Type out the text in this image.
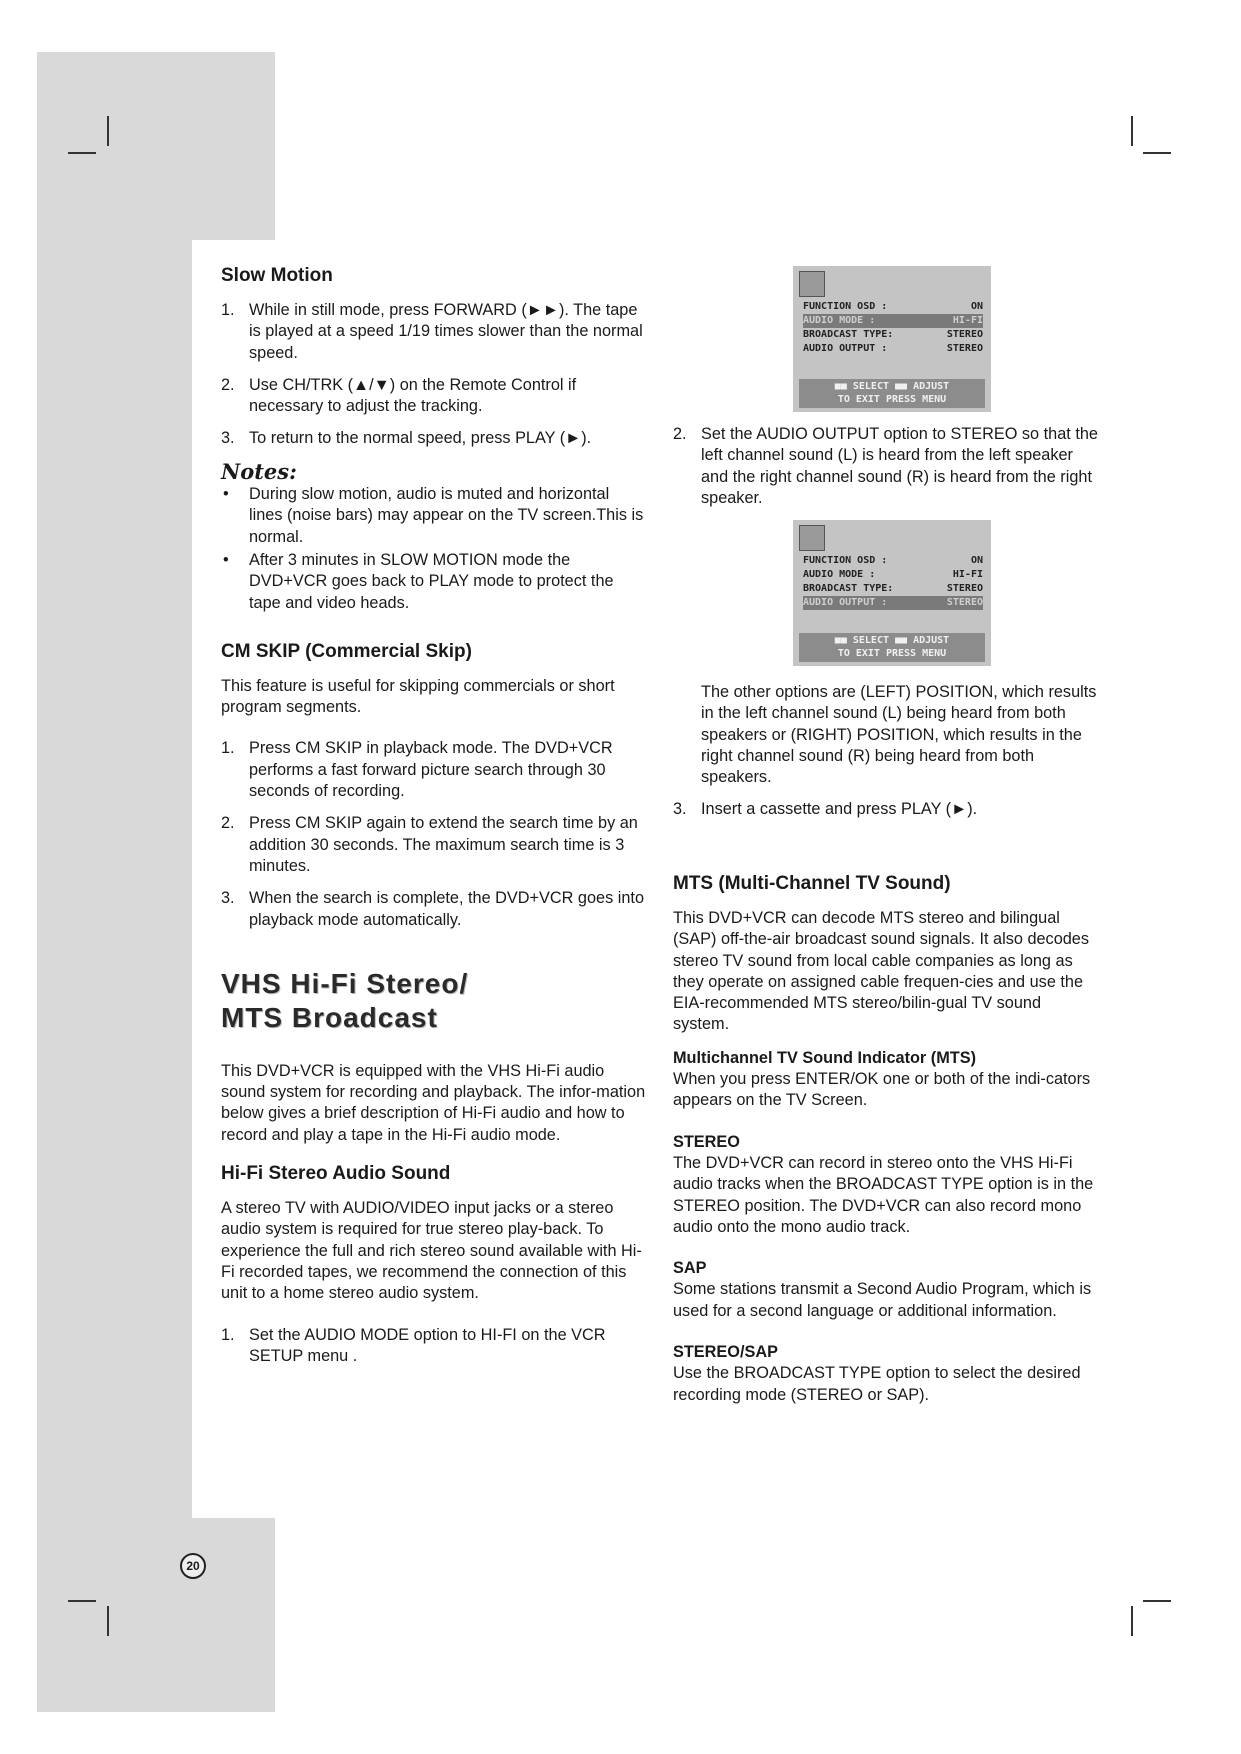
Slow Motion
1. While in still mode, press FORWARD (►►). The tape is played at a speed 1/19 times slower than the normal speed.
2. Use CH/TRK (▲/▼) on the Remote Control if necessary to adjust the tracking.
3. To return to the normal speed, press PLAY (►).
Notes:
• During slow motion, audio is muted and horizontal lines (noise bars) may appear on the TV screen.This is normal.
• After 3 minutes in SLOW MOTION mode the DVD+VCR goes back to PLAY mode to protect the tape and video heads.
CM SKIP (Commercial Skip)

This feature is useful for skipping commercials or short program segments.

1. Press CM SKIP in playback mode. The DVD+VCR performs a fast forward picture search through 30 seconds of recording.
2. Press CM SKIP again to extend the search time by an addition 30 seconds. The maximum search time is 3 minutes.
3. When the search is complete, the DVD+VCR goes into playback mode automatically.
VHS Hi-Fi Stereo/
MTS Broadcast

This DVD+VCR is equipped with the VHS Hi-Fi audio sound system for recording and playback. The infor-mation below gives a brief description of Hi-Fi audio and how to record and play a tape in the Hi-Fi audio mode.

Hi-Fi Stereo Audio Sound

A stereo TV with AUDIO/VIDEO input jacks or a stereo audio system is required for true stereo play-back. To experience the full and rich stereo sound available with Hi-Fi recorded tapes, we recommend the connection of this unit to a home stereo audio system.

1. Set the AUDIO MODE option to HI-FI on the VCR SETUP menu .
FUNCTION OSD :	ON
AUDIO MODE :	HI-FI
BROADCAST TYPE:	STEREO
AUDIO OUTPUT :	STEREO
■■ SELECT ■■ ADJUST
TO EXIT PRESS MENU
2. Set the AUDIO OUTPUT option to STEREO so that the left channel sound (L) is heard from the left speaker and the right channel sound (R) is heard from the right speaker.
FUNCTION OSD :	ON
AUDIO MODE :	HI-FI
BROADCAST TYPE:	STEREO
AUDIO OUTPUT :	STEREO
■■ SELECT ■■ ADJUST
TO EXIT PRESS MENU

The other options are (LEFT) POSITION, which results in the left channel sound (L) being heard from both speakers or (RIGHT) POSITION, which results in the right channel sound (R) being heard from both speakers.

3. Insert a cassette and press PLAY (►).
MTS (Multi-Channel TV Sound)

This DVD+VCR can decode MTS stereo and bilingual (SAP) off-the-air broadcast sound signals. It also decodes stereo TV sound from local cable companies as long as they operate on assigned cable frequen-cies and use the EIA-recommended MTS stereo/bilin-gual TV sound system.

Multichannel TV Sound Indicator (MTS)

When you press ENTER/OK one or both of the indi-cators appears on the TV Screen.

STEREO

The DVD+VCR can record in stereo onto the VHS Hi-Fi audio tracks when the BROADCAST TYPE option is in the STEREO position. The DVD+VCR can also record mono audio onto the mono audio track.

SAP

Some stations transmit a Second Audio Program, which is used for a second language or additional information.

STEREO/SAP

Use the BROADCAST TYPE option to select the desired recording mode (STEREO or SAP).

20
